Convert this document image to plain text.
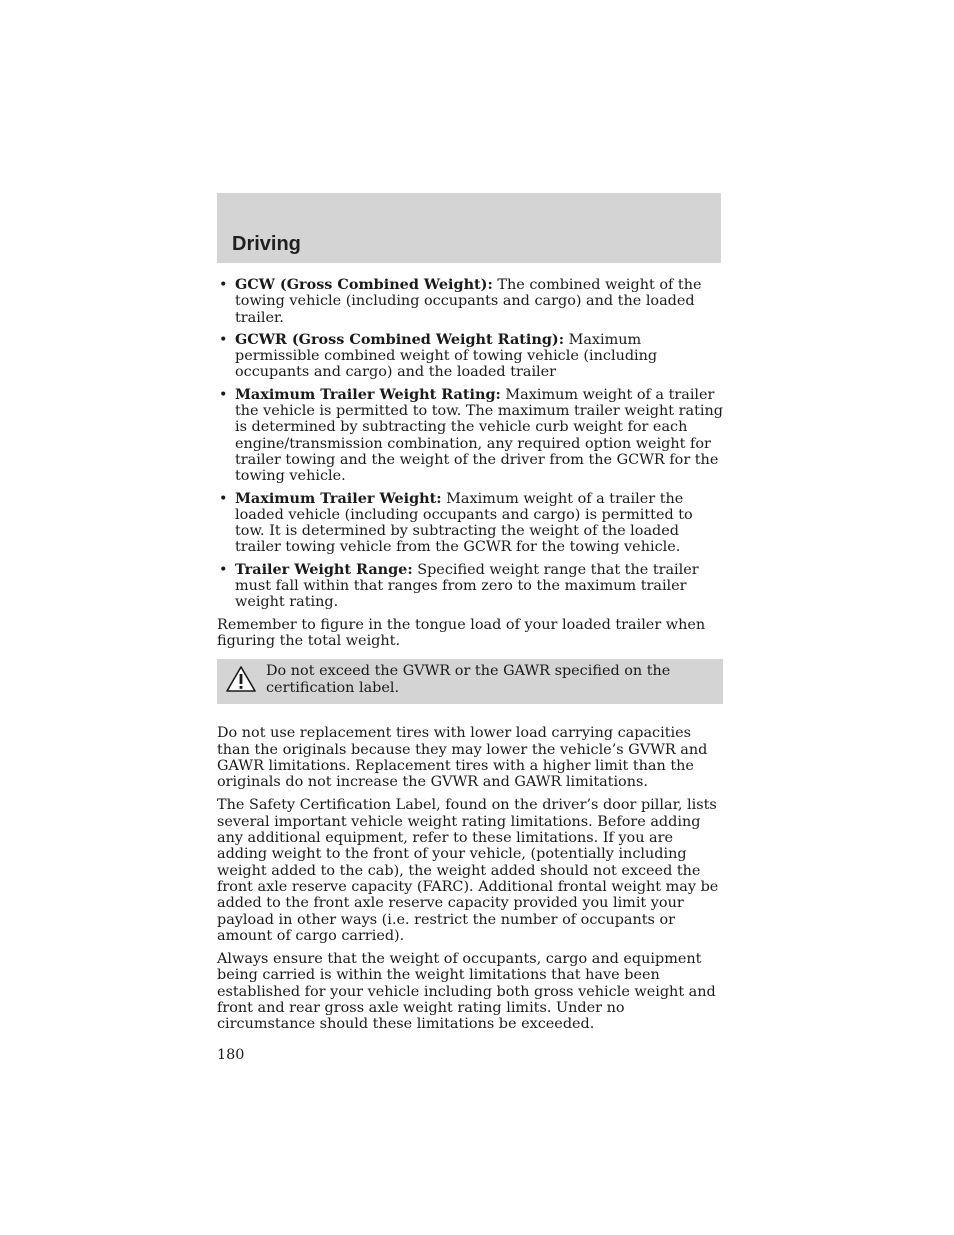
Driving
• GCW (Gross Combined Weight): The combined weight of the towing vehicle (including occupants and cargo) and the loaded trailer.
• GCWR (Gross Combined Weight Rating): Maximum permissible combined weight of towing vehicle (including occupants and cargo) and the loaded trailer
• Maximum Trailer Weight Rating: Maximum weight of a trailer the vehicle is permitted to tow. The maximum trailer weight rating is determined by subtracting the vehicle curb weight for each engine/transmission combination, any required option weight for trailer towing and the weight of the driver from the GCWR for the towing vehicle.
• Maximum Trailer Weight: Maximum weight of a trailer the loaded vehicle (including occupants and cargo) is permitted to tow. It is determined by subtracting the weight of the loaded trailer towing vehicle from the GCWR for the towing vehicle.
• Trailer Weight Range: Specified weight range that the trailer must fall within that ranges from zero to the maximum trailer weight rating.

Remember to figure in the tongue load of your loaded trailer when figuring the total weight.

Do not exceed the GVWR or the GAWR specified on the certification label.

Do not use replacement tires with lower load carrying capacities than the originals because they may lower the vehicle’s GVWR and GAWR limitations. Replacement tires with a higher limit than the originals do not increase the GVWR and GAWR limitations.

The Safety Certification Label, found on the driver’s door pillar, lists several important vehicle weight rating limitations. Before adding any additional equipment, refer to these limitations. If you are adding weight to the front of your vehicle, (potentially including weight added to the cab), the weight added should not exceed the front axle reserve capacity (FARC). Additional frontal weight may be added to the front axle reserve capacity provided you limit your payload in other ways (i.e. restrict the number of occupants or amount of cargo carried).

Always ensure that the weight of occupants, cargo and equipment being carried is within the weight limitations that have been established for your vehicle including both gross vehicle weight and front and rear gross axle weight rating limits. Under no circumstance should these limitations be exceeded.

180
